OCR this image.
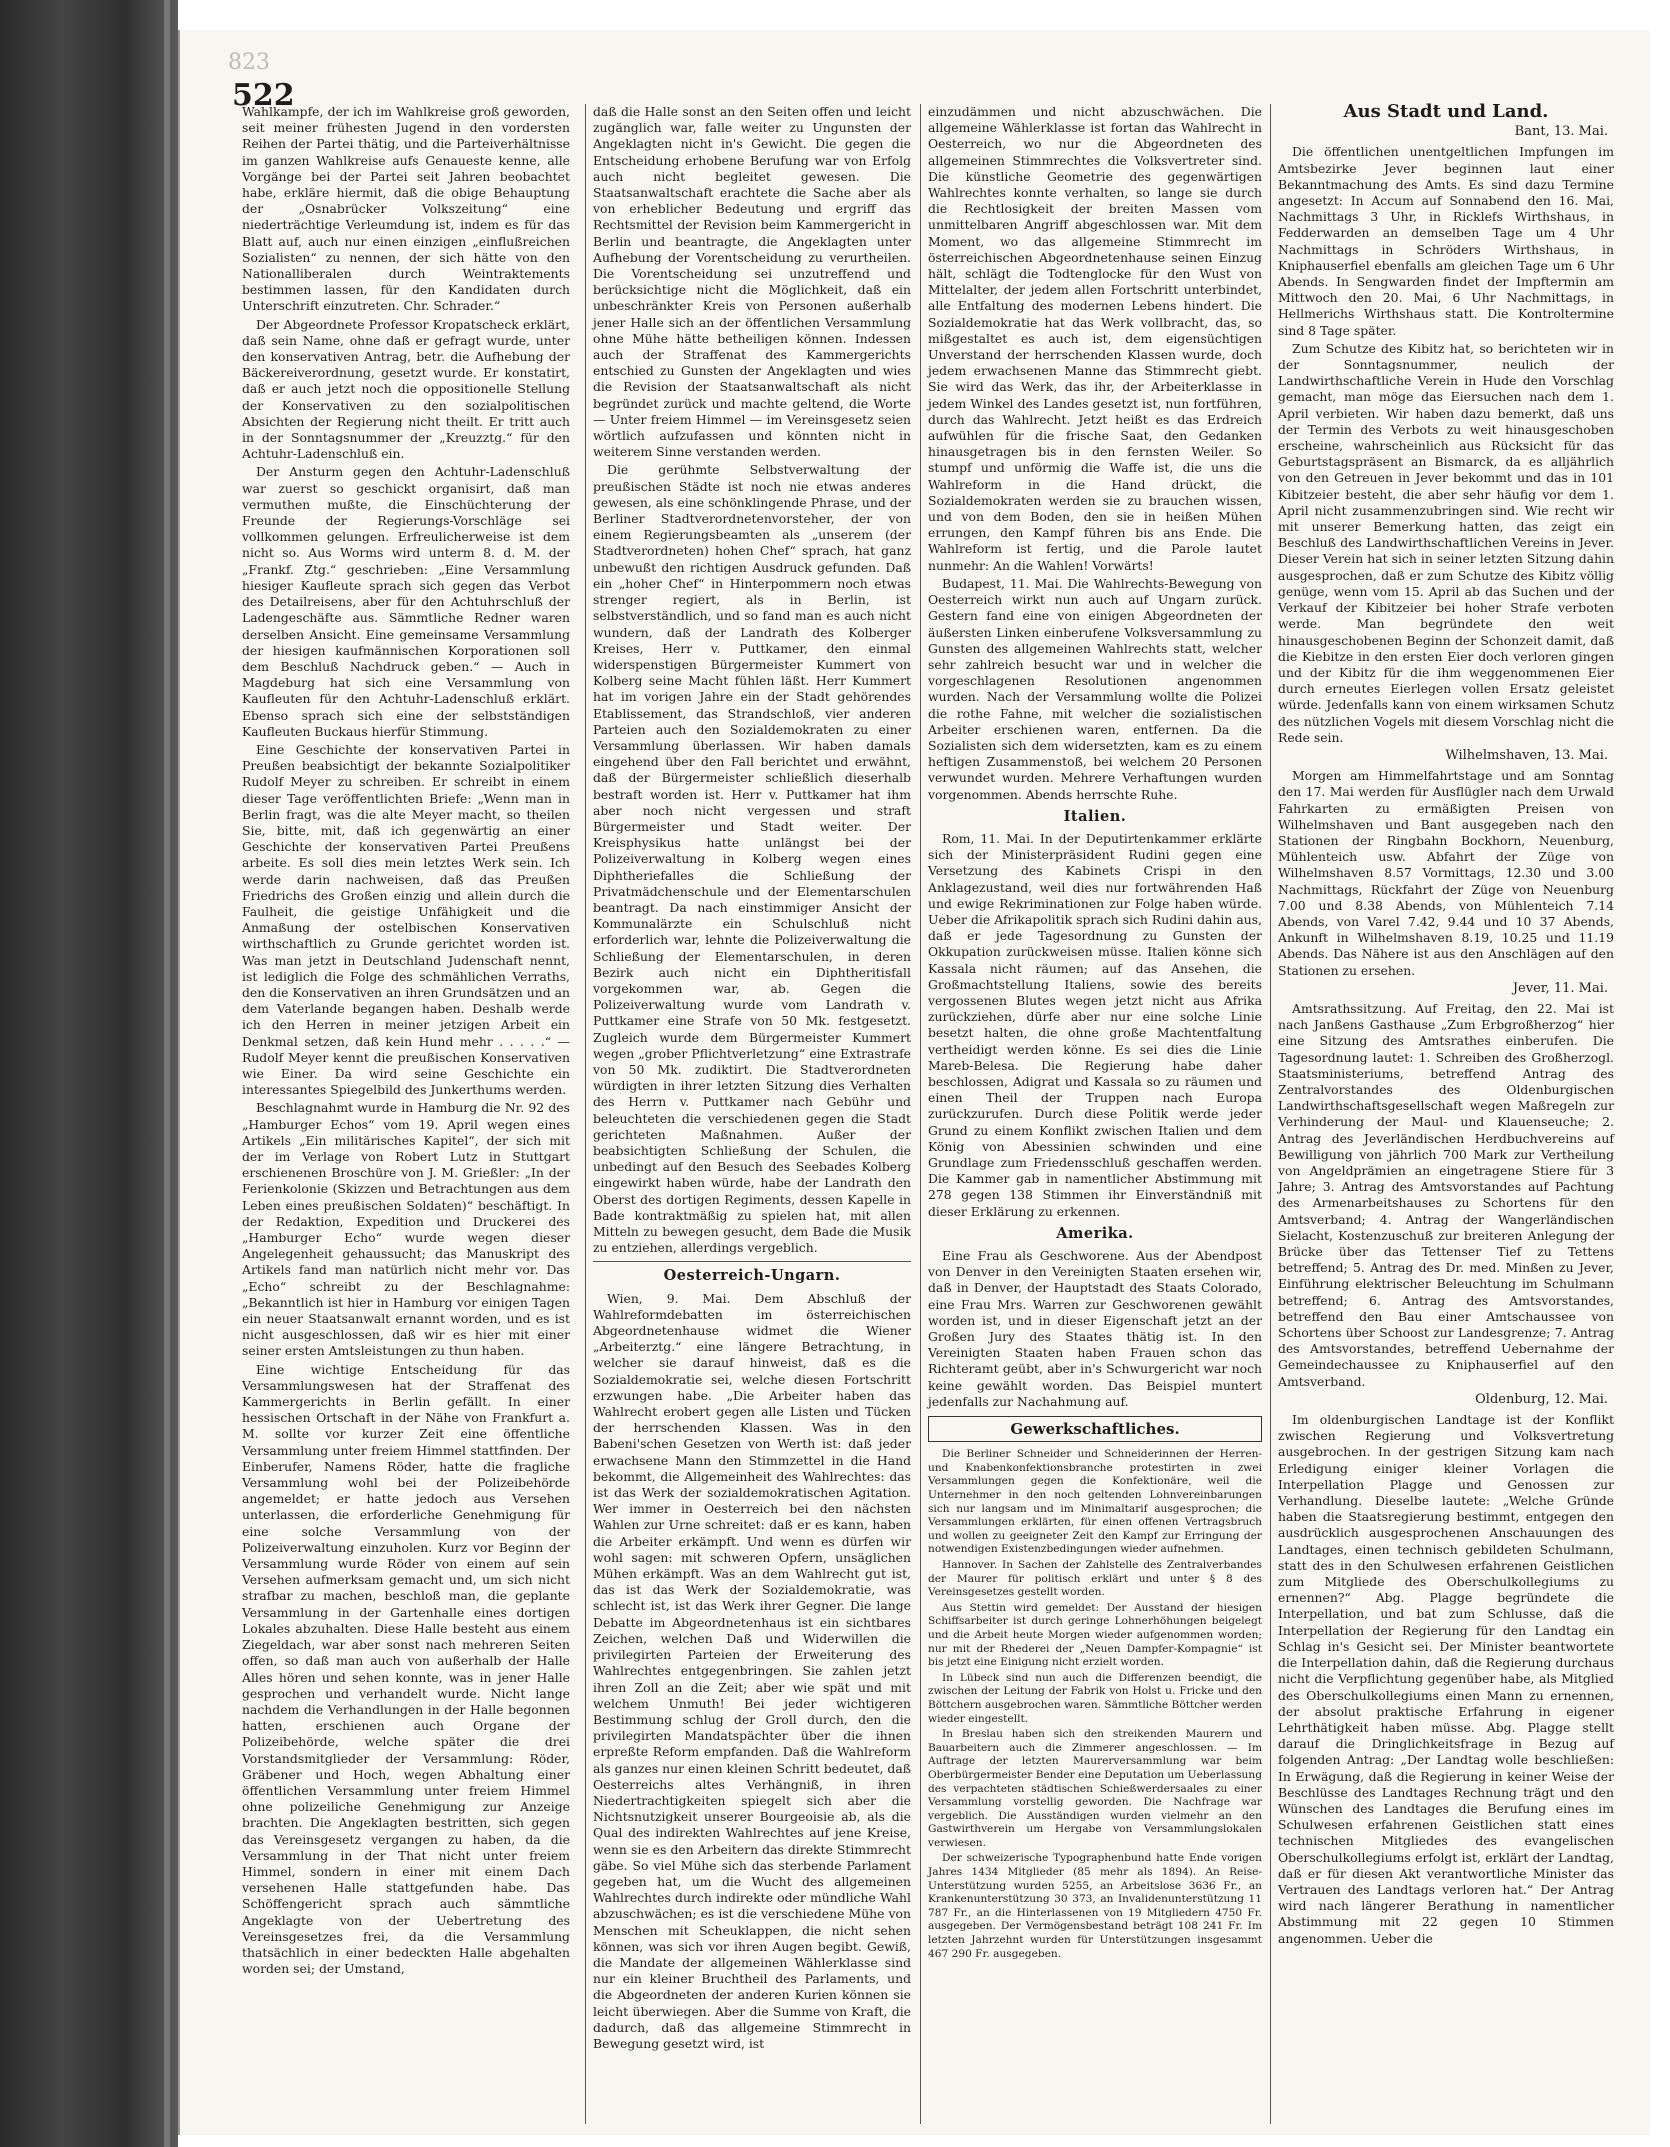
823
522

Wahlkampfe, der ich im Wahlkreise groß geworden, seit meiner frühesten Jugend in den vordersten Reihen der Partei thätig, und die Parteiverhältnisse im ganzen Wahlkreise aufs Genaueste kenne, alle Vorgänge bei der Partei seit Jahren beobachtet habe, erkläre hiermit, daß die obige Behauptung der „Osnabrücker Volkszeitung“ eine niederträchtige Verleumdung ist, indem es für das Blatt auf, auch nur einen einzigen „einflußreichen Sozialisten“ zu nennen, der sich hätte von den Nationalliberalen durch Weintraktements bestimmen lassen, für den Kandidaten durch Unterschrift einzutreten. Chr. Schrader.“

Der Abgeordnete Professor Kropatscheck erklärt, daß sein Name, ohne daß er gefragt wurde, unter den konservativen Antrag, betr. die Aufhebung der Bäckereiverordnung, gesetzt wurde. Er konstatirt, daß er auch jetzt noch die oppositionelle Stellung der Konservativen zu den sozialpolitischen Absichten der Regierung nicht theilt. Er tritt auch in der Sonntagsnummer der „Kreuzztg.“ für den Achtuhr-Ladenschluß ein.

Der Ansturm gegen den Achtuhr-Ladenschluß war zuerst so geschickt organisirt, daß man vermuthen mußte, die Einschüchterung der Freunde der Regierungs-Vorschläge sei vollkommen gelungen. Erfreulicherweise ist dem nicht so. Aus Worms wird unterm 8. d. M. der „Frankf. Ztg.“ geschrieben: „Eine Versammlung hiesiger Kaufleute sprach sich gegen das Verbot des Detailreisens, aber für den Achtuhrschluß der Ladengeschäfte aus. Sämmtliche Redner waren derselben Ansicht. Eine gemeinsame Versammlung der hiesigen kaufmännischen Korporationen soll dem Beschluß Nachdruck geben.“ — Auch in Magdeburg hat sich eine Versammlung von Kaufleuten für den Achtuhr-Ladenschluß erklärt. Ebenso sprach sich eine der selbstständigen Kaufleuten Buckaus hierfür Stimmung.

Eine Geschichte der konservativen Partei in Preußen beabsichtigt der bekannte Sozialpolitiker Rudolf Meyer zu schreiben. Er schreibt in einem dieser Tage veröffentlichten Briefe: „Wenn man in Berlin fragt, was die alte Meyer macht, so theilen Sie, bitte, mit, daß ich gegenwärtig an einer Geschichte der konservativen Partei Preußens arbeite. Es soll dies mein letztes Werk sein. Ich werde darin nachweisen, daß das Preußen Friedrichs des Großen einzig und allein durch die Faulheit, die geistige Unfähigkeit und die Anmaßung der ostelbischen Konservativen wirthschaftlich zu Grunde gerichtet worden ist. Was man jetzt in Deutschland Judenschaft nennt, ist lediglich die Folge des schmählichen Verraths, den die Konservativen an ihren Grundsätzen und an dem Vaterlande begangen haben. Deshalb werde ich den Herren in meiner jetzigen Arbeit ein Denkmal setzen, daß kein Hund mehr . . . . .“ — Rudolf Meyer kennt die preußischen Konservativen wie Einer. Da wird seine Geschichte ein interessantes Spiegelbild des Junkerthums werden.

Beschlagnahmt wurde in Hamburg die Nr. 92 des „Hamburger Echos“ vom 19. April wegen eines Artikels „Ein militärisches Kapitel“, der sich mit der im Verlage von Robert Lutz in Stuttgart erschienenen Broschüre von J. M. Grießler: „In der Ferienkolonie (Skizzen und Betrachtungen aus dem Leben eines preußischen Soldaten)“ beschäftigt. In der Redaktion, Expedition und Druckerei des „Hamburger Echo“ wurde wegen dieser Angelegenheit gehaussucht; das Manuskript des Artikels fand man natürlich nicht mehr vor. Das „Echo“ schreibt zu der Beschlagnahme: „Bekanntlich ist hier in Hamburg vor einigen Tagen ein neuer Staatsanwalt ernannt worden, und es ist nicht ausgeschlossen, daß wir es hier mit einer seiner ersten Amtsleistungen zu thun haben.

Eine wichtige Entscheidung für das Versammlungswesen hat der Straffenat des Kammergerichts in Berlin gefällt. In einer hessischen Ortschaft in der Nähe von Frankfurt a. M. sollte vor kurzer Zeit eine öffentliche Versammlung unter freiem Himmel stattfinden. Der Einberufer, Namens Röder, hatte die fragliche Versammlung wohl bei der Polizeibehörde angemeldet; er hatte jedoch aus Versehen unterlassen, die erforderliche Genehmigung für eine solche Versammlung von der Polizeiverwaltung einzuholen. Kurz vor Beginn der Versammlung wurde Röder von einem auf sein Versehen aufmerksam gemacht und, um sich nicht strafbar zu machen, beschloß man, die geplante Versammlung in der Gartenhalle eines dortigen Lokales abzuhalten. Diese Halle besteht aus einem Ziegeldach, war aber sonst nach mehreren Seiten offen, so daß man auch von außerhalb der Halle Alles hören und sehen konnte, was in jener Halle gesprochen und verhandelt wurde. Nicht lange nachdem die Verhandlungen in der Halle begonnen hatten, erschienen auch Organe der Polizeibehörde, welche später die drei Vorstandsmitglieder der Versammlung: Röder, Gräbener und Hoch, wegen Abhaltung einer öffentlichen Versammlung unter freiem Himmel ohne polizeiliche Genehmigung zur Anzeige brachten. Die Angeklagten bestritten, sich gegen das Vereinsgesetz vergangen zu haben, da die Versammlung in der That nicht unter freiem Himmel, sondern in einer mit einem Dach versehenen Halle stattgefunden habe. Das Schöffengericht sprach auch sämmtliche Angeklagte von der Uebertretung des Vereinsgesetzes frei, da die Versammlung thatsächlich in einer bedeckten Halle abgehalten worden sei; der Umstand,

daß die Halle sonst an den Seiten offen und leicht zugänglich war, falle weiter zu Ungunsten der Angeklagten nicht in's Gewicht. Die gegen die Entscheidung erhobene Berufung war von Erfolg auch nicht begleitet gewesen. Die Staatsanwaltschaft erachtete die Sache aber als von erheblicher Bedeutung und ergriff das Rechtsmittel der Revision beim Kammergericht in Berlin und beantragte, die Angeklagten unter Aufhebung der Vorentscheidung zu verurtheilen. Die Vorentscheidung sei unzutreffend und berücksichtige nicht die Möglichkeit, daß ein unbeschränkter Kreis von Personen außerhalb jener Halle sich an der öffentlichen Versammlung ohne Mühe hätte betheiligen können. Indessen auch der Straffenat des Kammergerichts entschied zu Gunsten der Angeklagten und wies die Revision der Staatsanwaltschaft als nicht begründet zurück und machte geltend, die Worte — Unter freiem Himmel — im Vereinsgesetz seien wörtlich aufzufassen und könnten nicht in weiterem Sinne verstanden werden.

Die gerühmte Selbstverwaltung der preußischen Städte ist noch nie etwas anderes gewesen, als eine schönklingende Phrase, und der Berliner Stadtverordnetenvorsteher, der von einem Regierungsbeamten als „unserem (der Stadtverordneten) hohen Chef“ sprach, hat ganz unbewußt den richtigen Ausdruck gefunden. Daß ein „hoher Chef“ in Hinterpommern noch etwas strenger regiert, als in Berlin, ist selbstverständlich, und so fand man es auch nicht wundern, daß der Landrath des Kolberger Kreises, Herr v. Puttkamer, den einmal widerspenstigen Bürgermeister Kummert von Kolberg seine Macht fühlen läßt. Herr Kummert hat im vorigen Jahre ein der Stadt gehörendes Etablissement, das Strandschloß, vier anderen Parteien auch den Sozialdemokraten zu einer Versammlung überlassen. Wir haben damals eingehend über den Fall berichtet und erwähnt, daß der Bürgermeister schließlich dieserhalb bestraft worden ist. Herr v. Puttkamer hat ihm aber noch nicht vergessen und straft Bürgermeister und Stadt weiter. Der Kreisphysikus hatte unlängst bei der Polizeiverwaltung in Kolberg wegen eines Diphtheriefalles die Schließung der Privatmädchenschule und der Elementarschulen beantragt. Da nach einstimmiger Ansicht der Kommunalärzte ein Schulschluß nicht erforderlich war, lehnte die Polizeiverwaltung die Schließung der Elementarschulen, in deren Bezirk auch nicht ein Diphtheritisfall vorgekommen war, ab. Gegen die Polizeiverwaltung wurde vom Landrath v. Puttkamer eine Strafe von 50 Mk. festgesetzt. Zugleich wurde dem Bürgermeister Kummert wegen „grober Pflichtverletzung“ eine Extrastrafe von 50 Mk. zudiktirt. Die Stadtverordneten würdigten in ihrer letzten Sitzung dies Verhalten des Herrn v. Puttkamer nach Gebühr und beleuchteten die verschiedenen gegen die Stadt gerichteten Maßnahmen. Außer der beabsichtigten Schließung der Schulen, die unbedingt auf den Besuch des Seebades Kolberg eingewirkt haben würde, habe der Landrath den Oberst des dortigen Regiments, dessen Kapelle in Bade kontraktmäßig zu spielen hat, mit allen Mitteln zu bewegen gesucht, dem Bade die Musik zu entziehen, allerdings vergeblich.

Oesterreich-Ungarn.

Wien, 9. Mai. Dem Abschluß der Wahlreformdebatten im österreichischen Abgeordnetenhause widmet die Wiener „Arbeiterztg.“ eine längere Betrachtung, in welcher sie darauf hinweist, daß es die Sozialdemokratie sei, welche diesen Fortschritt erzwungen habe. „Die Arbeiter haben das Wahlrecht erobert gegen alle Listen und Tücken der herrschenden Klassen. Was in den Babeni'schen Gesetzen von Werth ist: daß jeder erwachsene Mann den Stimmzettel in die Hand bekommt, die Allgemeinheit des Wahlrechtes: das ist das Werk der sozialdemokratischen Agitation. Wer immer in Oesterreich bei den nächsten Wahlen zur Urne schreitet: daß er es kann, haben die Arbeiter erkämpft. Und wenn es dürfen wir wohl sagen: mit schweren Opfern, unsäglichen Mühen erkämpft. Was an dem Wahlrecht gut ist, das ist das Werk der Sozialdemokratie, was schlecht ist, ist das Werk ihrer Gegner. Die lange Debatte im Abgeordnetenhaus ist ein sichtbares Zeichen, welchen Daß und Widerwillen die privilegirten Parteien der Erweiterung des Wahlrechtes entgegenbringen. Sie zahlen jetzt ihren Zoll an die Zeit; aber wie spät und mit welchem Unmuth! Bei jeder wichtigeren Bestimmung schlug der Groll durch, den die privilegirten Mandatspächter über die ihnen erpreßte Reform empfanden. Daß die Wahlreform als ganzes nur einen kleinen Schritt bedeutet, daß Oesterreichs altes Verhängniß, in ihren Niedertrachtigkeiten spiegelt sich aber die Nichtsnutzigkeit unserer Bourgeoisie ab, als die Qual des indirekten Wahlrechtes auf jene Kreise, wenn sie es den Arbeitern das direkte Stimmrecht gäbe. So viel Mühe sich das sterbende Parlament gegeben hat, um die Wucht des allgemeinen Wahlrechtes durch indirekte oder mündliche Wahl abzuschwächen; es ist die verschiedene Mühe von Menschen mit Scheuklappen, die nicht sehen können, was sich vor ihren Augen begibt. Gewiß, die Mandate der allgemeinen Wählerklasse sind nur ein kleiner Bruchtheil des Parlaments, und die Abgeordneten der anderen Kurien können sie leicht überwiegen. Aber die Summe von Kraft, die dadurch, daß das allgemeine Stimmrecht in Bewegung gesetzt wird, ist

einzudämmen und nicht abzuschwächen. Die allgemeine Wählerklasse ist fortan das Wahlrecht in Oesterreich, wo nur die Abgeordneten des allgemeinen Stimmrechtes die Volksvertreter sind. Die künstliche Geometrie des gegenwärtigen Wahlrechtes konnte verhalten, so lange sie durch die Rechtlosigkeit der breiten Massen vom unmittelbaren Angriff abgeschlossen war. Mit dem Moment, wo das allgemeine Stimmrecht im österreichischen Abgeordnetenhause seinen Einzug hält, schlägt die Todtenglocke für den Wust von Mittelalter, der jedem allen Fortschritt unterbindet, alle Entfaltung des modernen Lebens hindert. Die Sozialdemokratie hat das Werk vollbracht, das, so mißgestaltet es auch ist, dem eigensüchtigen Unverstand der herrschenden Klassen wurde, doch jedem erwachsenen Manne das Stimmrecht giebt. Sie wird das Werk, das ihr, der Arbeiterklasse in jedem Winkel des Landes gesetzt ist, nun fortführen, durch das Wahlrecht. Jetzt heißt es das Erdreich aufwühlen für die frische Saat, den Gedanken hinausgetragen bis in den fernsten Weiler. So stumpf und unförmig die Waffe ist, die uns die Wahlreform in die Hand drückt, die Sozialdemokraten werden sie zu brauchen wissen, und von dem Boden, den sie in heißen Mühen errungen, den Kampf führen bis ans Ende. Die Wahlreform ist fertig, und die Parole lautet nunmehr: An die Wahlen! Vorwärts!

Budapest, 11. Mai. Die Wahlrechts-Bewegung von Oesterreich wirkt nun auch auf Ungarn zurück. Gestern fand eine von einigen Abgeordneten der äußersten Linken einberufene Volksversammlung zu Gunsten des allgemeinen Wahlrechts statt, welcher sehr zahlreich besucht war und in welcher die vorgeschlagenen Resolutionen angenommen wurden. Nach der Versammlung wollte die Polizei die rothe Fahne, mit welcher die sozialistischen Arbeiter erschienen waren, entfernen. Da die Sozialisten sich dem widersetzten, kam es zu einem heftigen Zusammenstoß, bei welchem 20 Personen verwundet wurden. Mehrere Verhaftungen wurden vorgenommen. Abends herrschte Ruhe.

Italien.

Rom, 11. Mai. In der Deputirtenkammer erklärte sich der Ministerpräsident Rudini gegen eine Versetzung des Kabinets Crispi in den Anklagezustand, weil dies nur fortwährenden Haß und ewige Rekriminationen zur Folge haben würde. Ueber die Afrikapolitik sprach sich Rudini dahin aus, daß er jede Tagesordnung zu Gunsten der Okkupation zurückweisen müsse. Italien könne sich Kassala nicht räumen; auf das Ansehen, die Großmachtstellung Italiens, sowie des bereits vergossenen Blutes wegen jetzt nicht aus Afrika zurückziehen, dürfe aber nur eine solche Linie besetzt halten, die ohne große Machtentfaltung vertheidigt werden könne. Es sei dies die Linie Mareb-Belesa. Die Regierung habe daher beschlossen, Adigrat und Kassala so zu räumen und einen Theil der Truppen nach Europa zurückzurufen. Durch diese Politik werde jeder Grund zu einem Konflikt zwischen Italien und dem König von Abessinien schwinden und eine Grundlage zum Friedensschluß geschaffen werden. Die Kammer gab in namentlicher Abstimmung mit 278 gegen 138 Stimmen ihr Einverständniß mit dieser Erklärung zu erkennen.

Amerika.

Eine Frau als Geschworene. Aus der Abendpost von Denver in den Vereinigten Staaten ersehen wir, daß in Denver, der Hauptstadt des Staats Colorado, eine Frau Mrs. Warren zur Geschworenen gewählt worden ist, und in dieser Eigenschaft jetzt an der Großen Jury des Staates thätig ist. In den Vereinigten Staaten haben Frauen schon das Richteramt geübt, aber in's Schwurgericht war noch keine gewählt worden. Das Beispiel muntert jedenfalls zur Nachahmung auf.

Gewerkschaftliches.

Die Berliner Schneider und Schneiderinnen der Herren- und Knabenkonfektionsbranche protestirten in zwei Versammlungen gegen die Konfektionäre, weil die Unternehmer in den noch geltenden Lohnvereinbarungen sich nur langsam und im Minimaltarif ausgesprochen; die Versammlungen erklärten, für einen offenen Vertragsbruch und wollen zu geeigneter Zeit den Kampf zur Erringung der notwendigen Existenzbedingungen wieder aufnehmen.

Hannover. In Sachen der Zahlstelle des Zentralverbandes der Maurer für politisch erklärt und unter § 8 des Vereinsgesetzes gestellt worden.

Aus Stettin wird gemeldet: Der Ausstand der hiesigen Schiffsarbeiter ist durch geringe Lohnerhöhungen beigelegt und die Arbeit heute Morgen wieder aufgenommen worden; nur mit der Rhederei der „Neuen Dampfer-Kompagnie“ ist bis jetzt eine Einigung nicht erzielt worden.

In Lübeck sind nun auch die Differenzen beendigt, die zwischen der Leitung der Fabrik von Holst u. Fricke und den Böttchern ausgebrochen waren. Sämmtliche Böttcher werden wieder eingestellt.

In Breslau haben sich den streikenden Maurern und Bauarbeitern auch die Zimmerer angeschlossen. — Im Auftrage der letzten Maurerversammlung war beim Oberbürgermeister Bender eine Deputation um Ueberlassung des verpachteten städtischen Schießwerdersaales zu einer Versammlung vorstellig geworden. Die Nachfrage war vergeblich. Die Ausständigen wurden vielmehr an den Gastwirthverein um Hergabe von Versammlungslokalen verwiesen.

Der schweizerische Typographenbund hatte Ende vorigen Jahres 1434 Mitglieder (85 mehr als 1894). An Reise-Unterstützung wurden 5255, an Arbeitslose 3636 Fr., an Krankenunterstützung 30 373, an Invalidenunterstützung 11 787 Fr., an die Hinterlassenen von 19 Mitgliedern 4750 Fr. ausgegeben. Der Vermögensbestand beträgt 108 241 Fr. Im letzten Jahrzehnt wurden für Unterstützungen insgesammt 467 290 Fr. ausgegeben.

Aus Stadt und Land.
Bant, 13. Mai.

Die öffentlichen unentgeltlichen Impfungen im Amtsbezirke Jever beginnen laut einer Bekanntmachung des Amts. Es sind dazu Termine angesetzt: In Accum auf Sonnabend den 16. Mai, Nachmittags 3 Uhr, in Ricklefs Wirthshaus, in Fedderwarden an demselben Tage um 4 Uhr Nachmittags in Schröders Wirthshaus, in Kniphauserfiel ebenfalls am gleichen Tage um 6 Uhr Abends. In Sengwarden findet der Impftermin am Mittwoch den 20. Mai, 6 Uhr Nachmittags, in Hellmerichs Wirthshaus statt. Die Kontroltermine sind 8 Tage später.

Zum Schutze des Kibitz hat, so berichteten wir in der Sonntagsnummer, neulich der Landwirthschaftliche Verein in Hude den Vorschlag gemacht, man möge das Eiersuchen nach dem 1. April verbieten. Wir haben dazu bemerkt, daß uns der Termin des Verbots zu weit hinausgeschoben erscheine, wahrscheinlich aus Rücksicht für das Geburtstagspräsent an Bismarck, da es alljährlich von den Getreuen in Jever bekommt und das in 101 Kibitzeier besteht, die aber sehr häufig vor dem 1. April nicht zusammenzubringen sind. Wie recht wir mit unserer Bemerkung hatten, das zeigt ein Beschluß des Landwirthschaftlichen Vereins in Jever. Dieser Verein hat sich in seiner letzten Sitzung dahin ausgesprochen, daß er zum Schutze des Kibitz völlig genüge, wenn vom 15. April ab das Suchen und der Verkauf der Kibitzeier bei hoher Strafe verboten werde. Man begründete den weit hinausgeschobenen Beginn der Schonzeit damit, daß die Kiebitze in den ersten Eier doch verloren gingen und der Kibitz für die ihm weggenommenen Eier durch erneutes Eierlegen vollen Ersatz geleistet würde. Jedenfalls kann von einem wirksamen Schutz des nützlichen Vogels mit diesem Vorschlag nicht die Rede sein.

Wilhelmshaven, 13. Mai.

Morgen am Himmelfahrtstage und am Sonntag den 17. Mai werden für Ausflügler nach dem Urwald Fahrkarten zu ermäßigten Preisen von Wilhelmshaven und Bant ausgegeben nach den Stationen der Ringbahn Bockhorn, Neuenburg, Mühlenteich usw. Abfahrt der Züge von Wilhelmshaven 8.57 Vormittags, 12.30 und 3.00 Nachmittags, Rückfahrt der Züge von Neuenburg 7.00 und 8.38 Abends, von Mühlenteich 7.14 Abends, von Varel 7.42, 9.44 und 10 37 Abends, Ankunft in Wilhelmshaven 8.19, 10.25 und 11.19 Abends. Das Nähere ist aus den Anschlägen auf den Stationen zu ersehen.

Jever, 11. Mai.

Amtsrathssitzung. Auf Freitag, den 22. Mai ist nach Janßens Gasthause „Zum Erbgroßherzog“ hier eine Sitzung des Amtsrathes einberufen. Die Tagesordnung lautet: 1. Schreiben des Großherzogl. Staatsministeriums, betreffend Antrag des Zentralvorstandes des Oldenburgischen Landwirthschaftsgesellschaft wegen Maßregeln zur Verhinderung der Maul- und Klauenseuche; 2. Antrag des Jeverländischen Herdbuchvereins auf Bewilligung von jährlich 700 Mark zur Vertheilung von Angeldprämien an eingetragene Stiere für 3 Jahre; 3. Antrag des Amtsvorstandes auf Pachtung des Armenarbeitshauses zu Schortens für den Amtsverband; 4. Antrag der Wangerländischen Sielacht, Kostenzuschuß zur breiteren Anlegung der Brücke über das Tettenser Tief zu Tettens betreffend; 5. Antrag des Dr. med. Minßen zu Jever, Einführung elektrischer Beleuchtung im Schulmann betreffend; 6. Antrag des Amtsvorstandes, betreffend den Bau einer Amtschaussee von Schortens über Schoost zur Landesgrenze; 7. Antrag des Amtsvorstandes, betreffend Uebernahme der Gemeindechaussee zu Kniphauserfiel auf den Amtsverband.

Oldenburg, 12. Mai.

Im oldenburgischen Landtage ist der Konflikt zwischen Regierung und Volksvertretung ausgebrochen. In der gestrigen Sitzung kam nach Erledigung einiger kleiner Vorlagen die Interpellation Plagge und Genossen zur Verhandlung. Dieselbe lautete: „Welche Gründe haben die Staatsregierung bestimmt, entgegen den ausdrücklich ausgesprochenen Anschauungen des Landtages, einen technisch gebildeten Schulmann, statt des in den Schulwesen erfahrenen Geistlichen zum Mitgliede des Oberschulkollegiums zu ernennen?“ Abg. Plagge begründete die Interpellation, und bat zum Schlusse, daß die Interpellation der Regierung für den Landtag ein Schlag in's Gesicht sei. Der Minister beantwortete die Interpellation dahin, daß die Regierung durchaus nicht die Verpflichtung gegenüber habe, als Mitglied des Oberschulkollegiums einen Mann zu ernennen, der absolut praktische Erfahrung in eigener Lehrthätigkeit haben müsse. Abg. Plagge stellt darauf die Dringlichkeitsfrage in Bezug auf folgenden Antrag: „Der Landtag wolle beschließen: In Erwägung, daß die Regierung in keiner Weise der Beschlüsse des Landtages Rechnung trägt und den Wünschen des Landtages die Berufung eines im Schulwesen erfahrenen Geistlichen statt eines technischen Mitgliedes des evangelischen Oberschulkollegiums erfolgt ist, erklärt der Landtag, daß er für diesen Akt verantwortliche Minister das Vertrauen des Landtags verloren hat.“ Der Antrag wird nach längerer Berathung in namentlicher Abstimmung mit 22 gegen 10 Stimmen angenommen. Ueber die
